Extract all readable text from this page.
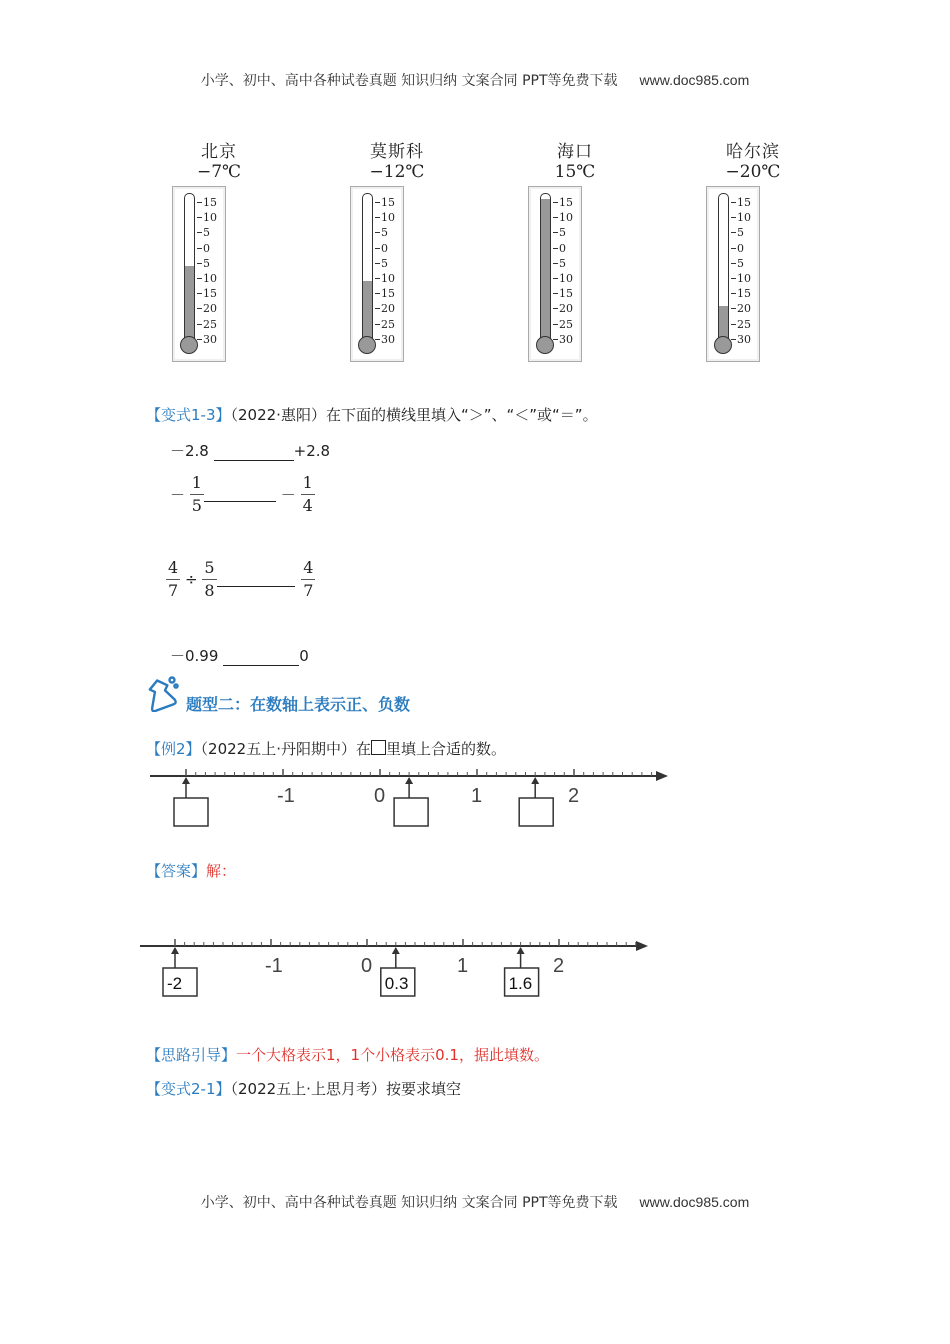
小学、初中、高中各种试卷真题 知识归纳 文案合同 PPT等免费下载 www.doc985.com
北京
−7℃
15
10
5
0
5
10
15
20
25
30
莫斯科
−12℃
15
10
5
0
5
10
15
20
25
30
海口
15℃
15
10
5
0
5
10
15
20
25
30
哈尔滨
−20℃
15
10
5
0
5
10
15
20
25
30
【变式1-3】（2022·惠阳）在下面的横线里填入“＞”、“＜”或“＝”。
－2.8	+2.8
－ $\frac{1}{5}$	－ $\frac{1}{4}$
$\frac{4}{7} \div \frac{5}{8}$
	$\frac{4}{7}$
－0.99	0
题型二：在数轴上表示正、负数
【例2】（2022五上·丹阳期中）在 里填上合适的数。
-1	0	1	2
【答案】解：
-1	0	1	2
-2	0.3	1.6
【思路引导】一个大格表示1，1个小格表示0.1，据此填数。
【变式2-1】（2022五上·上思月考）按要求填空
小学、初中、高中各种试卷真题 知识归纳 文案合同 PPT等免费下载 www.doc985.com
